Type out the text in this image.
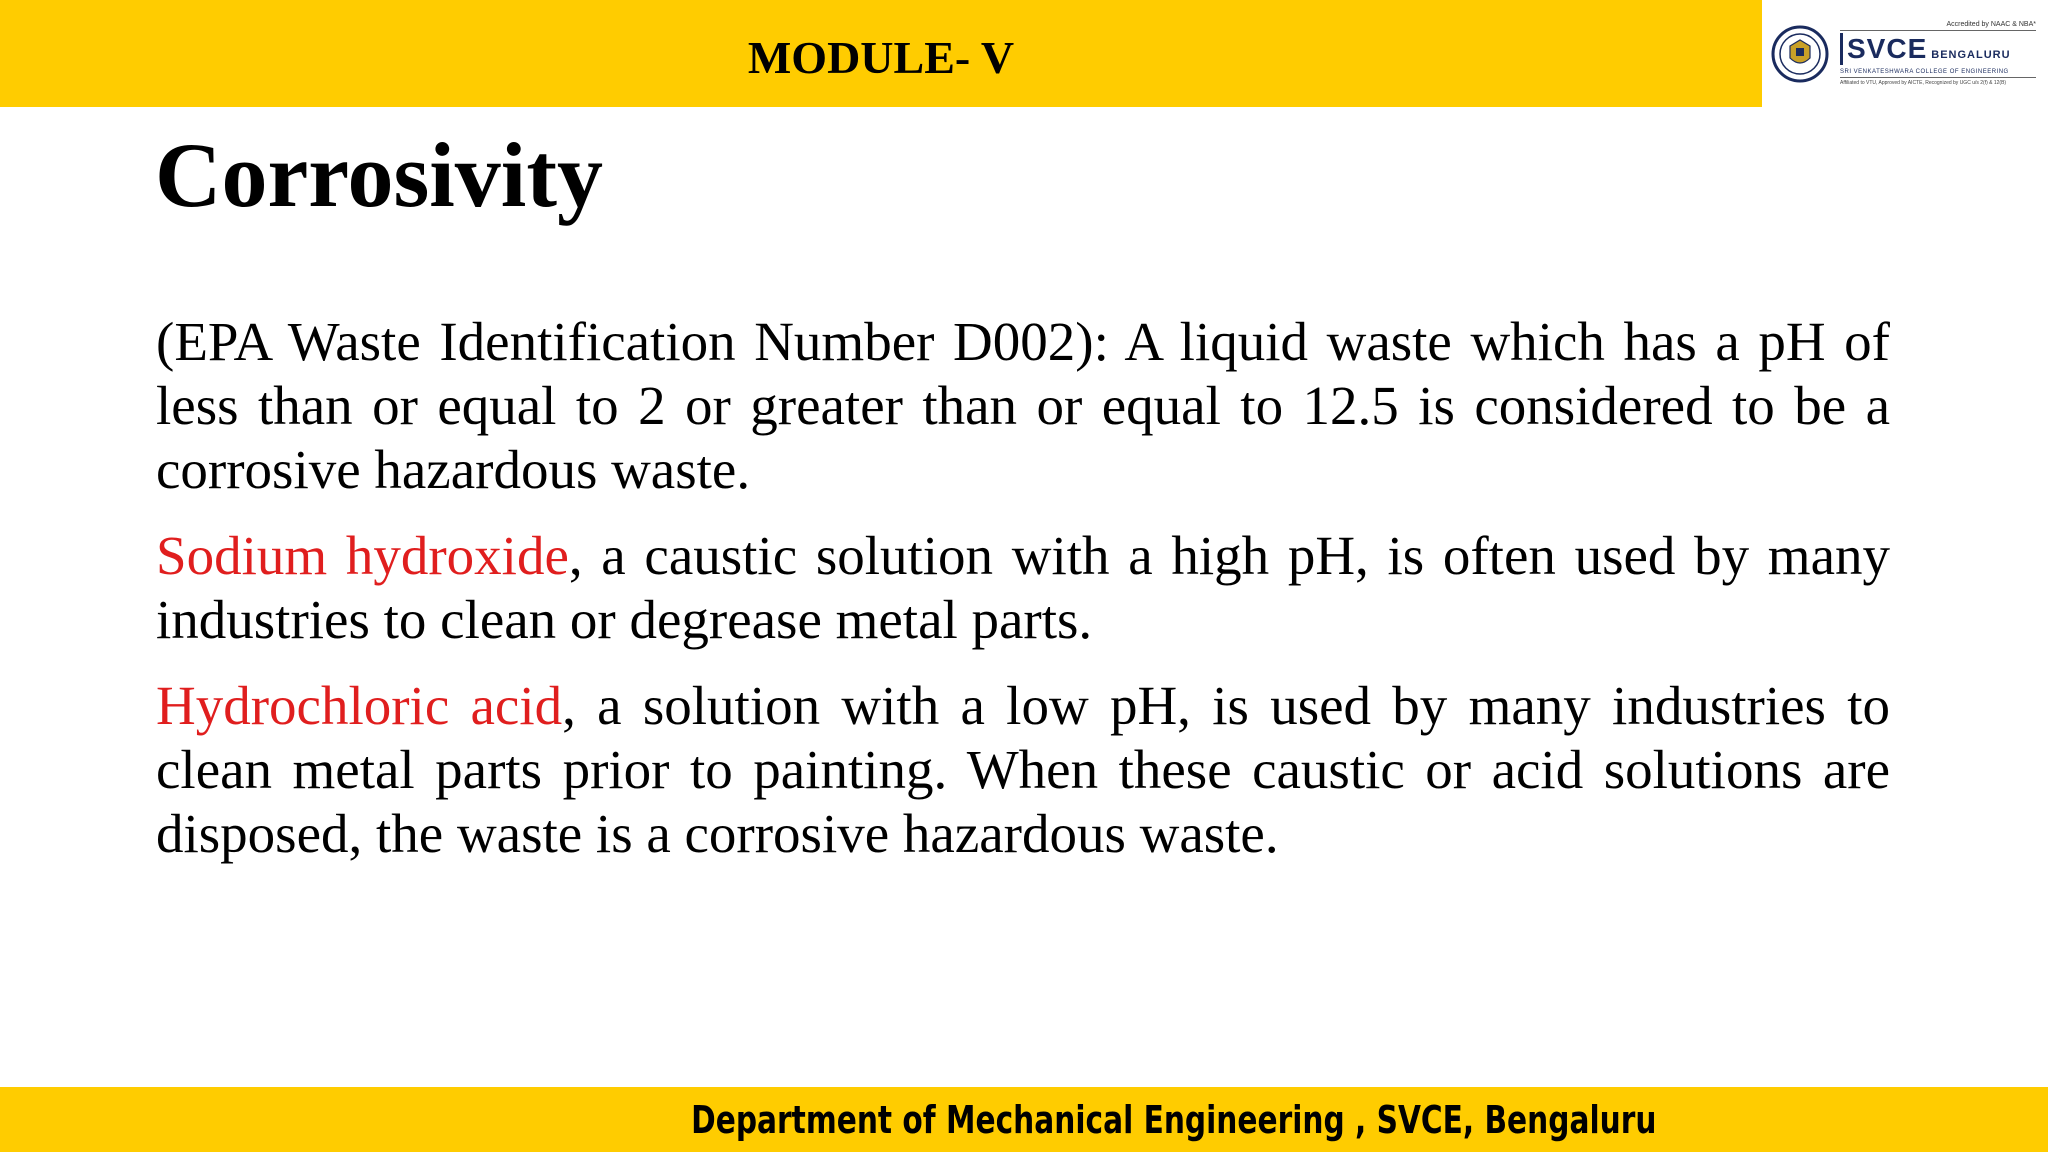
MODULE- V
Accredited by NAAC & NBA*
SVCE BENGALURU
SRI VENKATESHWARA COLLEGE OF ENGINEERING
Affiliated to VTU, Approved by AICTE, Recognized by UGC u/s 2(f) & 12(B)
Corrosivity

(EPA Waste Identification Number D002): A liquid waste which has a pH of less than or equal to 2 or greater than or equal to 12.5 is considered to be a corrosive hazardous waste.

Sodium hydroxide, a caustic solution with a high pH, is often used by many industries to clean or degrease metal parts.

Hydrochloric acid, a solution with a low pH, is used by many industries to clean metal parts prior to painting. When these caustic or acid solutions are disposed, the waste is a corrosive hazardous waste.

Department of Mechanical Engineering , SVCE, Bengaluru
